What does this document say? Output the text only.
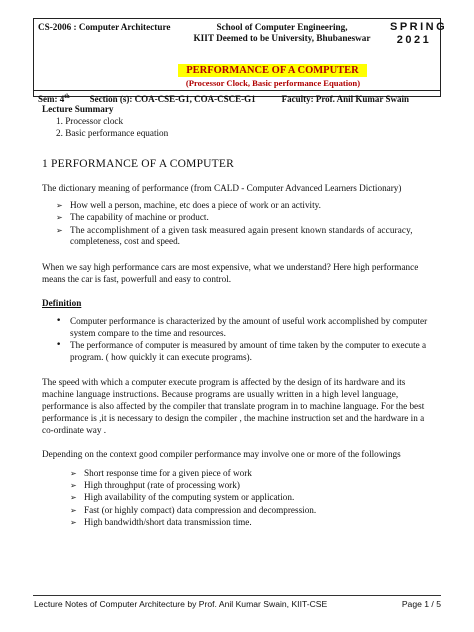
CS-2006 : Computer Architecture	School of Computer Engineering,
KIIT Deemed to be University, Bhubaneswar
SPRING
2021
PERFORMANCE OF A COMPUTER
(Processor Clock, Basic performance Equation)
Sem: 4th Section (s): COA-CSE-G1, COA-CSCE-G1	Faculty: Prof. Anil Kumar Swain
Lecture Summary
1. Processor clock
2. Basic performance equation
1 PERFORMANCE OF A COMPUTER
The dictionary meaning of performance (from CALD - Computer Advanced Learners Dictionary)
➢ How well a person, machine, etc does a piece of work or an activity.
➢ The capability of machine or product.
➢ The accomplishment of a given task measured again present known standards of accuracy,
completeness, cost and speed.
When we say high performance cars are most expensive, what we understand? Here high performance
means the car is fast, powerfull and easy to control.
Definition
• Computer performance is characterized by the amount of useful work accomplished by computer
system compare to the time and resources.
• The performance of computer is measured by amount of time taken by the computer to execute a
program. ( how quickly it can execute programs).
The speed with which a computer execute program is affected by the design of its hardware and its
machine language instructions. Because programs are usually written in a high level language,
performance is also affected by the compiler that translate program in to machine language. For the best
performance is ,it is necessary to design the compiler , the machine instruction set and the hardware in a
co-ordinate way .
Depending on the context good compiler performance may involve one or more of the followings
➢ Short response time for a given piece of work
➢ High throughput (rate of processing work)
➢ High availability of the computing system or application.
➢ Fast (or highly compact) data compression and decompression.
➢ High bandwidth/short data transmission time.
Lecture Notes of Computer Architecture by Prof. Anil Kumar Swain, KIIT-CSE	Page 1 / 5
